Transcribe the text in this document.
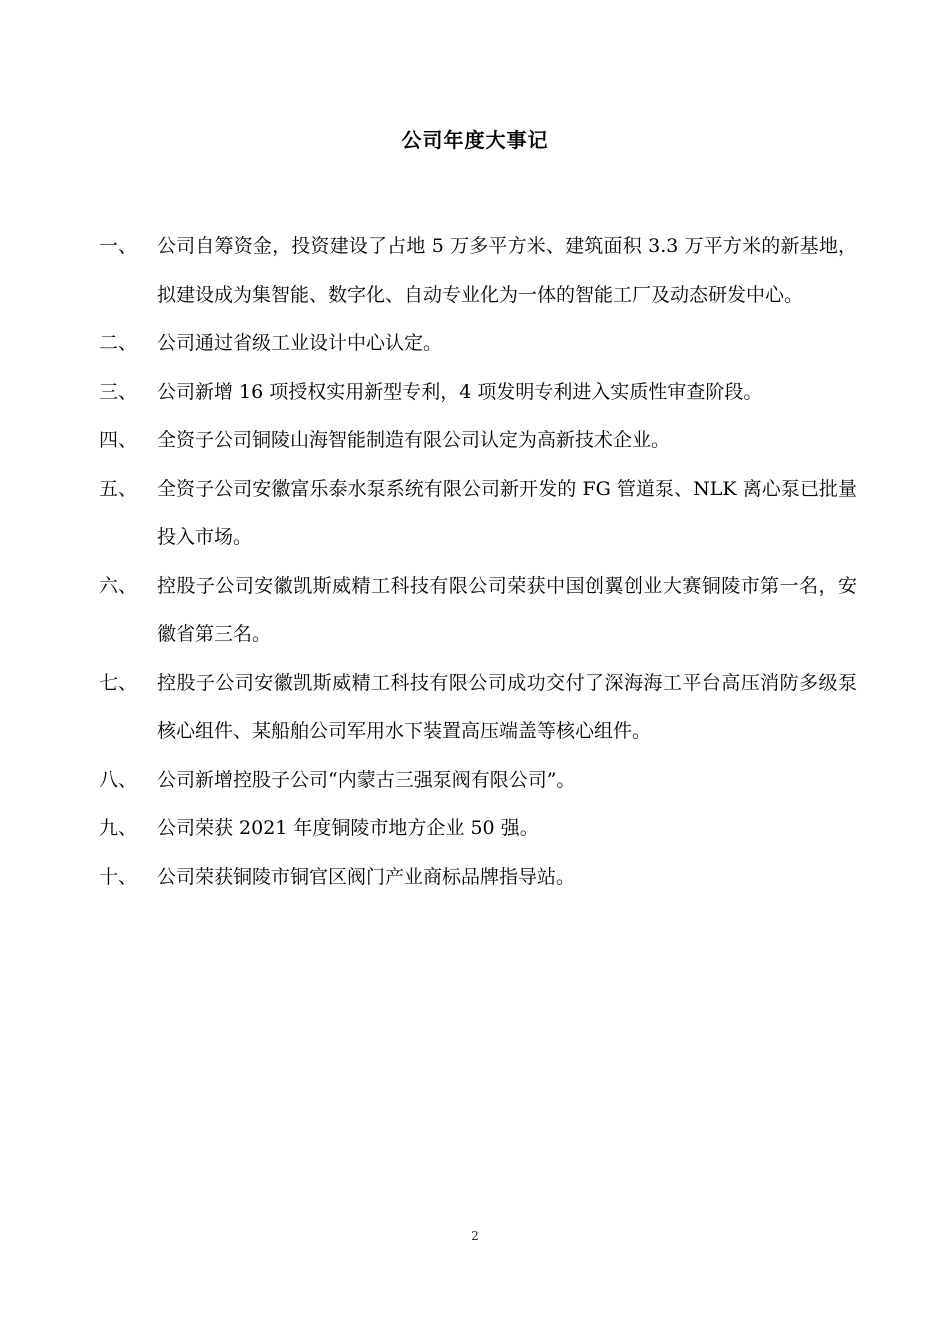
公司年度大事记
一、 公司自筹资金，投资建设了占地 5 万多平方米、建筑面积 3.3 万平方米的新基地，拟建设成为集智能、数字化、自动专业化为一体的智能工厂及动态研发中心。
二、 公司通过省级工业设计中心认定。
三、 公司新增 16 项授权实用新型专利，4 项发明专利进入实质性审查阶段。
四、 全资子公司铜陵山海智能制造有限公司认定为高新技术企业。
五、 全资子公司安徽富乐泰水泵系统有限公司新开发的 FG 管道泵、NLK 离心泵已批量投入市场。
六、 控股子公司安徽凯斯威精工科技有限公司荣获中国创翼创业大赛铜陵市第一名，安徽省第三名。
七、 控股子公司安徽凯斯威精工科技有限公司成功交付了深海海工平台高压消防多级泵核心组件、某船舶公司军用水下装置高压端盖等核心组件。
八、 公司新增控股子公司“内蒙古三强泵阀有限公司”。
九、 公司荣获 2021 年度铜陵市地方企业 50 强。
十、 公司荣获铜陵市铜官区阀门产业商标品牌指导站。
2
